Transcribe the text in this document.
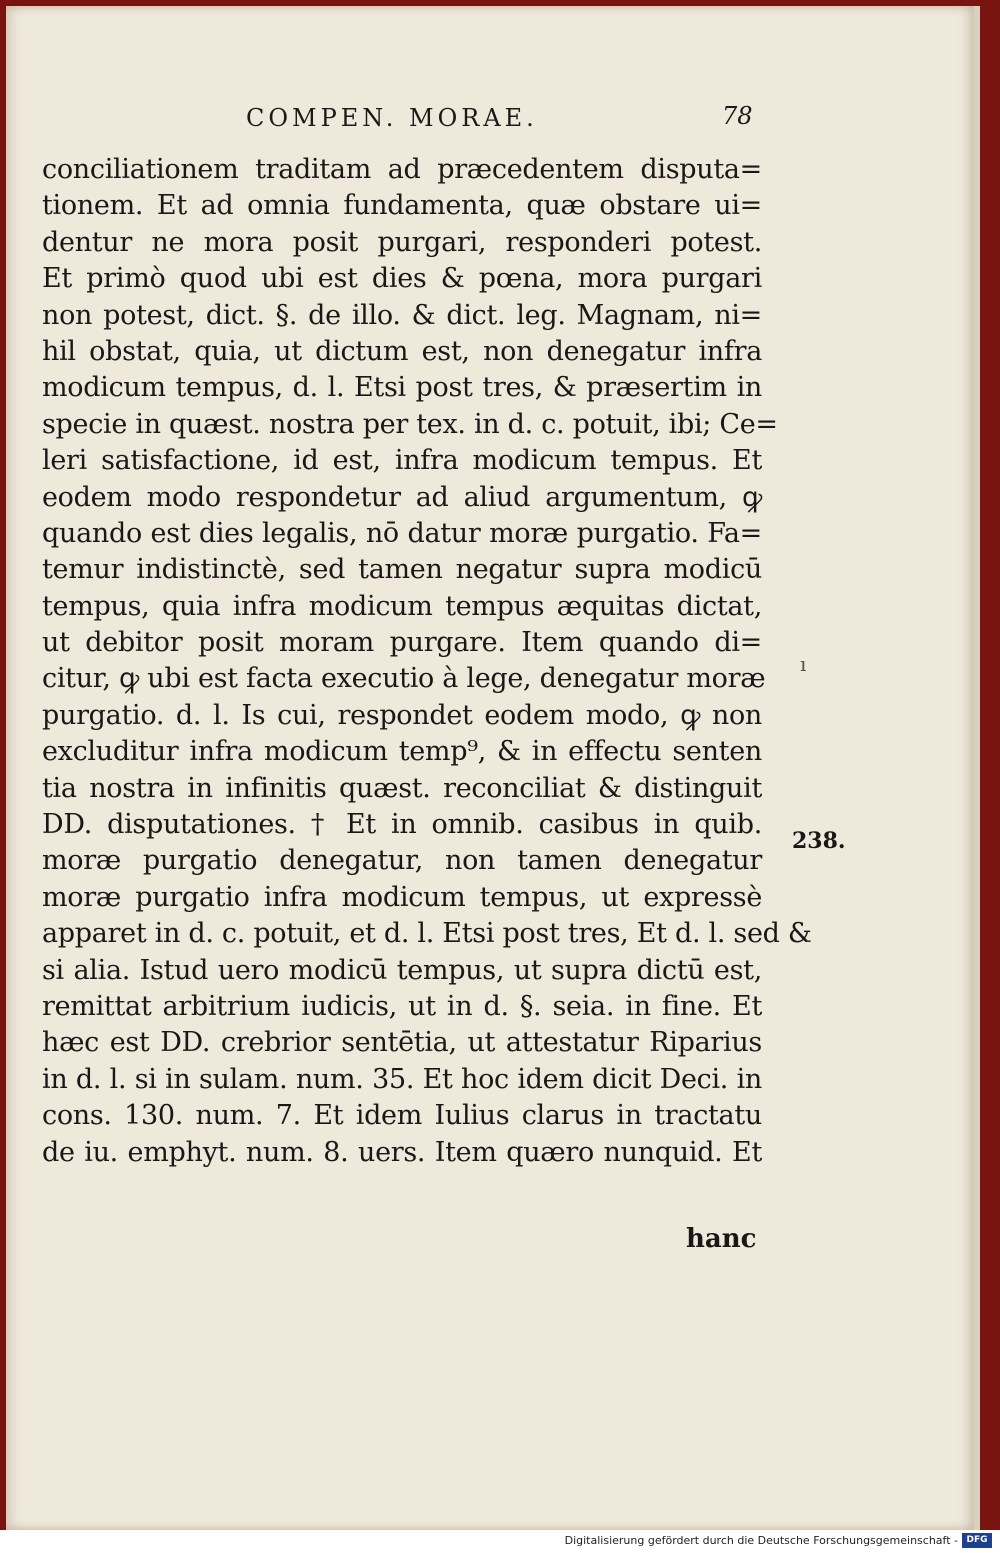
COMPEN. MORAE.	78
conciliationem traditam ad præcedentem disputa=
tionem. Et ad omnia fundamenta, quæ obstare ui=
dentur ne mora posit purgari, responderi potest.
Et primò quod ubi est dies & pœna, mora purgari
non potest, dict. §. de illo. & dict. leg. Magnam, ni=
hil obstat, quia, ut dictum est, non denegatur infra
modicum tempus, d. l. Etsi post tres, & præsertim in
specie in quæst. nostra per tex. in d. c. potuit, ibi; Ce=
leri satisfactione, id est, infra modicum tempus. Et
eodem modo respondetur ad aliud argumentum, ꝙ
quando est dies legalis, nō datur moræ purgatio. Fa=
temur indistinctè, sed tamen negatur supra modicū
tempus, quia infra modicum tempus æquitas dictat,
ut debitor posit moram purgare. Item quando di=
citur, ꝙ ubi est facta executio à lege, denegatur moræ
purgatio. d. l. Is cui, respondet eodem modo, ꝙ non
excluditur infra modicum temp⁹, & in effectu senten
tia nostra in infinitis quæst. reconciliat & distinguit
DD. disputationes. † Et in omnib. casibus in quib.
moræ purgatio denegatur, non tamen denegatur
moræ purgatio infra modicum tempus, ut expressè
apparet in d. c. potuit, et d. l. Etsi post tres, Et d. l. sed &
si alia. Istud uero modicū tempus, ut supra dictū est,
remittat arbitrium iudicis, ut in d. §. seia. in fine. Et
hæc est DD. crebrior sentētia, ut attestatur Riparius
in d. l. si in sulam. num. 35. Et hoc idem dicit Deci. in
cons. 130. num. 7. Et idem Iulius clarus in tractatu
de iu. emphyt. num. 8. uers. Item quæro nunquid. Et
hanc
238.
ı
Digitalisierung gefördert durch die Deutsche Forschungsgemeinschaft - DFG
